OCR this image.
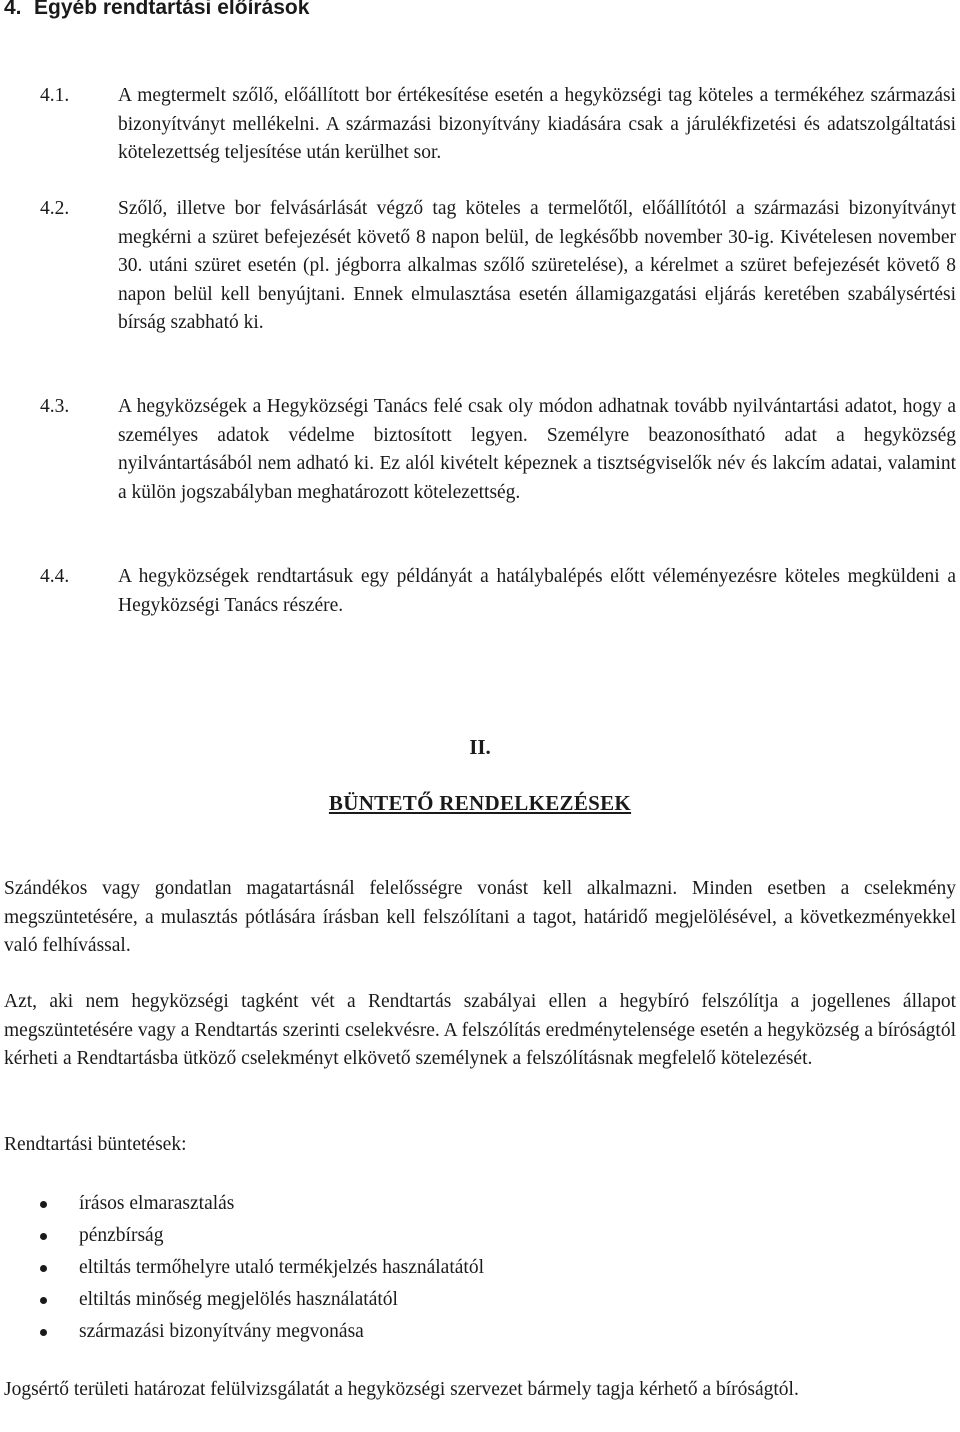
4. Egyéb rendtartási előírások
4.1.	A megtermelt szőlő, előállított bor értékesítése esetén a hegyközségi tag köteles a termékéhez származási bizonyítványt mellékelni. A származási bizonyítvány kiadására csak a járulékfizetési és adatszolgáltatási kötelezettség teljesítése után kerülhet sor.
4.2.	Szőlő, illetve bor felvásárlását végző tag köteles a termelőtől, előállítótól a származási bizonyítványt megkérni a szüret befejezését követő 8 napon belül, de legkésőbb november 30-ig. Kivételesen november 30. utáni szüret esetén (pl. jégborra alkalmas szőlő szüretelése), a kérelmet a szüret befejezését követő 8 napon belül kell benyújtani. Ennek elmulasztása esetén államigazgatási eljárás keretében szabálysértési bírság szabható ki.
4.3.	A hegyközségek a Hegyközségi Tanács felé csak oly módon adhatnak tovább nyilvántartási adatot, hogy a személyes adatok védelme biztosított legyen. Személyre beazonosítható adat a hegyközség nyilvántartásából nem adható ki. Ez alól kivételt képeznek a tisztségviselők név és lakcím adatai, valamint a külön jogszabályban meghatározott kötelezettség.
4.4.	A hegyközségek rendtartásuk egy példányát a hatálybalépés előtt véleményezésre köteles megküldeni a Hegyközségi Tanács részére.
II.
BÜNTETŐ RENDELKEZÉSEK
Szándékos vagy gondatlan magatartásnál felelősségre vonást kell alkalmazni. Minden esetben a cselekmény megszüntetésére, a mulasztás pótlására írásban kell felszólítani a tagot, határidő megjelölésével, a következményekkel való felhívással.
Azt, aki nem hegyközségi tagként vét a Rendtartás szabályai ellen a hegybíró felszólítja a jogellenes állapot megszüntetésére vagy a Rendtartás szerinti cselekvésre. A felszólítás eredménytelensége esetén a hegyközség a bíróságtól kérheti a Rendtartásba ütköző cselekményt elkövető személynek a felszólításnak megfelelő kötelezését.
Rendtartási büntetések:
írásos elmarasztalás
pénzbírság
eltiltás termőhelyre utaló termékjelzés használatától
eltiltás minőség megjelölés használatától
származási bizonyítvány megvonása
Jogsértő területi határozat felülvizsgálatát a hegyközségi szervezet bármely tagja kérhető a bíróságtól.
